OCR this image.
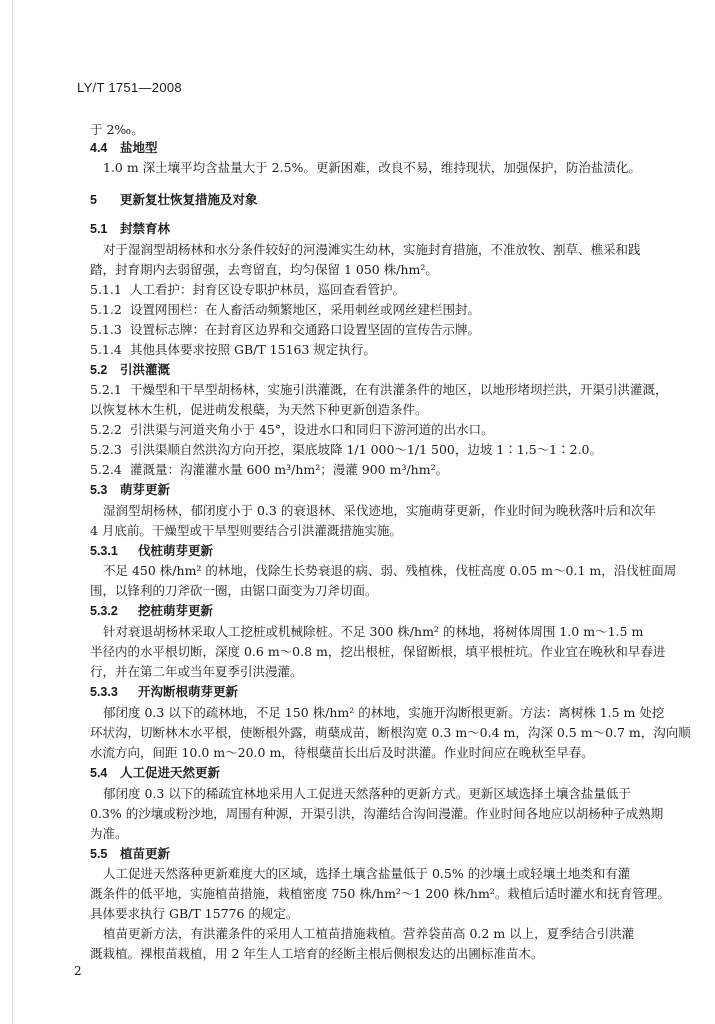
LY/T 1751—2008
于 2‰。
4.4 盐地型
1.0 m 深土壤平均含盐量大于 2.5%。更新困难，改良不易，维持现状，加强保护，防治盐渍化。
5 更新复壮恢复措施及对象
5.1 封禁育林
对于湿润型胡杨林和水分条件较好的河漫滩实生幼林，实施封育措施，不准放牧、割草、樵采和践
踏，封育期内去弱留强，去弯留直，均匀保留 1 050 株/hm²。
5.1.1 人工看护：封育区设专职护林员，巡回查看管护。
5.1.2 设置网围栏：在人畜活动频繁地区，采用刺丝或网丝建栏围封。
5.1.3 设置标志牌：在封育区边界和交通路口设置坚固的宣传告示牌。
5.1.4 其他具体要求按照 GB/T 15163 规定执行。
5.2 引洪灌溉
5.2.1 干燥型和干旱型胡杨林，实施引洪灌溉，在有洪灌条件的地区，以地形堵坝拦洪，开渠引洪灌溉，
以恢复林木生机，促进萌发根蘖，为天然下种更新创造条件。
5.2.2 引洪渠与河道夹角小于 45°，设进水口和同归下游河道的出水口。
5.2.3 引洪渠顺自然洪沟方向开挖，渠底坡降 1/1 000～1/1 500，边坡 1∶1.5～1∶2.0。
5.2.4 灌溉量：沟灌灌水量 600 m³/hm²；漫灌 900 m³/hm²。
5.3 萌芽更新
湿润型胡杨林，郁闭度小于 0.3 的衰退林、采伐迹地，实施萌芽更新，作业时间为晚秋落叶后和次年
4 月底前。干燥型或干旱型则要结合引洪灌溉措施实施。
5.3.1 伐桩萌芽更新
不足 450 株/hm² 的林地，伐除生长势衰退的病、弱、残植株，伐桩高度 0.05 m～0.1 m，沿伐桩面周
围，以锋利的刀斧砍一圈，由锯口面变为刀斧切面。
5.3.2 挖桩萌芽更新
针对衰退胡杨林采取人工挖桩或机械除桩。不足 300 株/hm² 的林地，将树体周围 1.0 m～1.5 m
半径内的水平根切断，深度 0.6 m～0.8 m，挖出根桩，保留断根，填平根桩坑。作业宜在晚秋和早春进
行，并在第二年或当年夏季引洪漫灌。
5.3.3 开沟断根萌芽更新
郁闭度 0.3 以下的疏林地，不足 150 株/hm² 的林地，实施开沟断根更新。方法：离树株 1.5 m 处挖
环状沟，切断林木水平根，使断根外露，萌蘖成苗，断根沟宽 0.3 m～0.4 m，沟深 0.5 m～0.7 m，沟向顺
水流方向，间距 10.0 m～20.0 m，待根蘖苗长出后及时洪灌。作业时间应在晚秋至早春。
5.4 人工促进天然更新
郁闭度 0.3 以下的稀疏宜林地采用人工促进天然落种的更新方式。更新区域选择土壤含盐量低于
0.3% 的沙壤或粉沙地，周围有种源，开渠引洪，沟灌结合沟间漫灌。作业时间各地应以胡杨种子成熟期
为准。
5.5 植苗更新
人工促进天然落种更新难度大的区域，选择土壤含盐量低于 0.5% 的沙壤土或轻壤土地类和有灌
溉条件的低平地，实施植苗措施，栽植密度 750 株/hm²～1 200 株/hm²。栽植后适时灌水和抚育管理。
具体要求执行 GB/T 15776 的规定。
植苗更新方法，有洪灌条件的采用人工植苗措施栽植。营养袋苗高 0.2 m 以上，夏季结合引洪灌
溉栽植。裸根苗栽植，用 2 年生人工培育的经断主根后侧根发达的出圃标准苗木。
2
